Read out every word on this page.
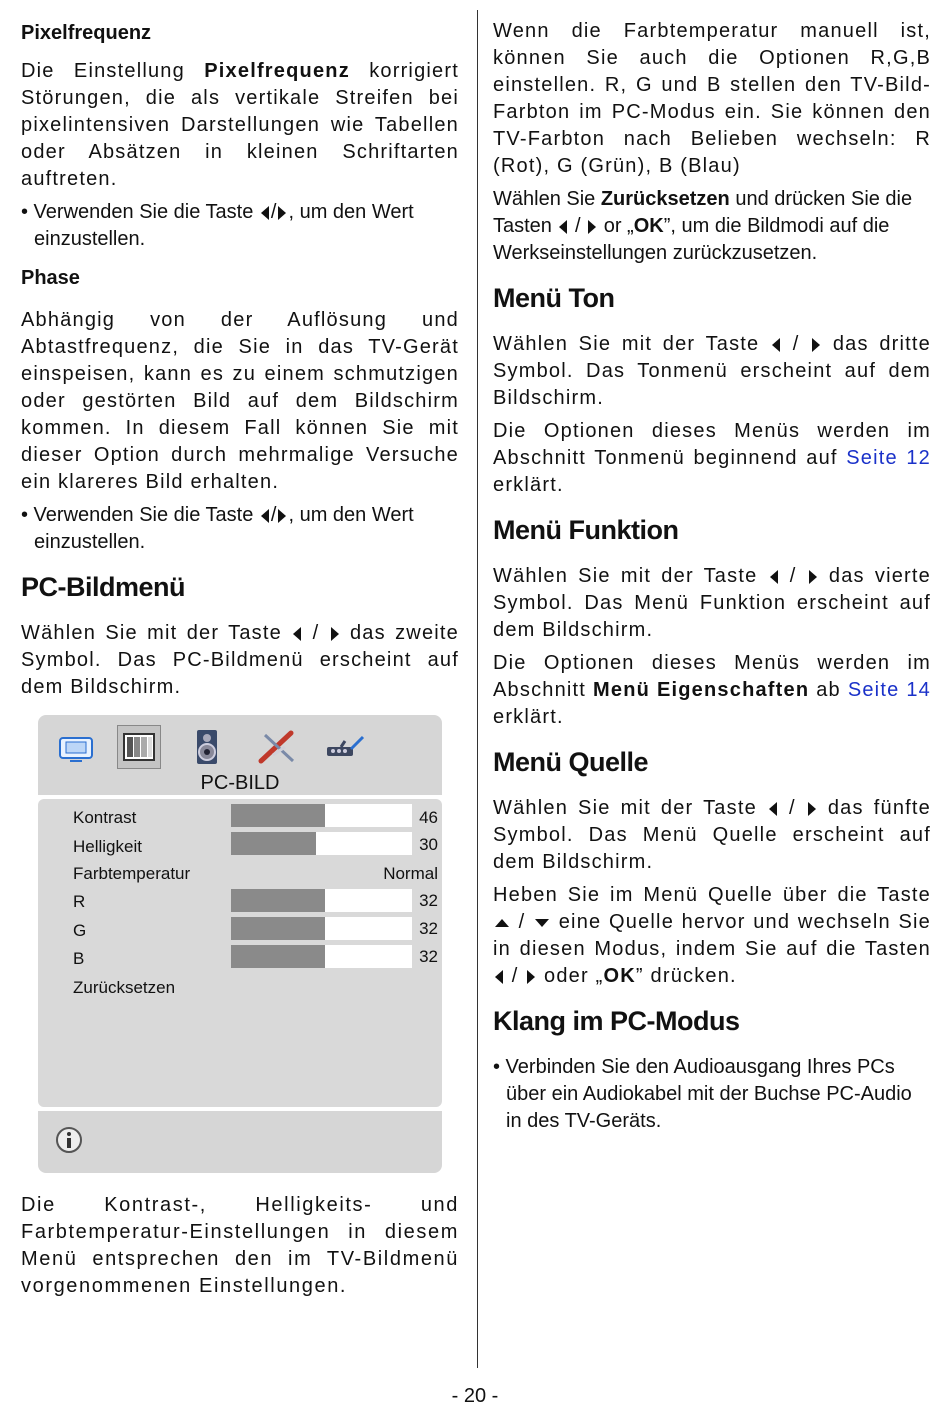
Pixelfrequenz

Die Einstellung Pixelfrequenz korrigiert Störungen, die als vertikale Streifen bei pixelintensiven Darstellungen wie Tabellen oder Absätzen in kleinen Schriftarten auftreten.

• Verwenden Sie die Taste / , um den Wert einzustellen.

Phase

Abhängig von der Auflösung und Abtastfrequenz, die Sie in das TV-Gerät einspeisen, kann es zu einem schmutzigen oder gestörten Bild auf dem Bildschirm kommen. In diesem Fall können Sie mit dieser Option durch mehrmalige Versuche ein klareres Bild erhalten.

• Verwenden Sie die Taste / , um den Wert einzustellen.

PC-Bildmenü

Wählen Sie mit der Taste  /  das zweite Symbol. Das PC-Bildmenü erscheint auf dem Bildschirm.

PC-BILD
Kontrast	46
Helligkeit	30
Farbtemperatur	Normal
R	32
G	32
B	32
Zurücksetzen

Die Kontrast-, Helligkeits- und Farbtemperatur-Einstellungen in diesem Menü entsprechen den im TV-Bildmenü vorgenommenen Einstellungen.

Wenn die Farbtemperatur manuell ist, können Sie auch die Optionen R,G,B einstellen. R, G und B stellen den TV-Bild-Farbton im PC-Modus ein. Sie können den TV-Farbton nach Belieben wechseln: R (Rot), G (Grün), B (Blau)

Wählen Sie Zurücksetzen und drücken Sie die Tasten  /  or „OK”, um die Bildmodi auf die Werkseinstellungen zurückzusetzen.

Menü Ton

Wählen Sie mit der Taste  /  das dritte Symbol. Das Tonmenü erscheint auf dem Bildschirm.

Die Optionen dieses Menüs werden im Abschnitt Tonmenü beginnend auf Seite 12 erklärt.

Menü Funktion

Wählen Sie mit der Taste  /  das vierte Symbol. Das Menü Funktion erscheint auf dem Bildschirm.

Die Optionen dieses Menüs werden im Abschnitt Menü Eigenschaften ab Seite 14 erklärt.

Menü Quelle

Wählen Sie mit der Taste  /  das fünfte Symbol. Das Menü Quelle erscheint auf dem Bildschirm.

Heben Sie im Menü Quelle über die Taste  /  eine Quelle hervor und wechseln Sie in diesen Modus, indem Sie auf die Tasten  /  oder „OK” drücken.

Klang im PC-Modus

• Verbinden Sie den Audioausgang Ihres PCs über ein Audiokabel mit der Buchse PC-Audio in des TV-Geräts.

- 20 -
